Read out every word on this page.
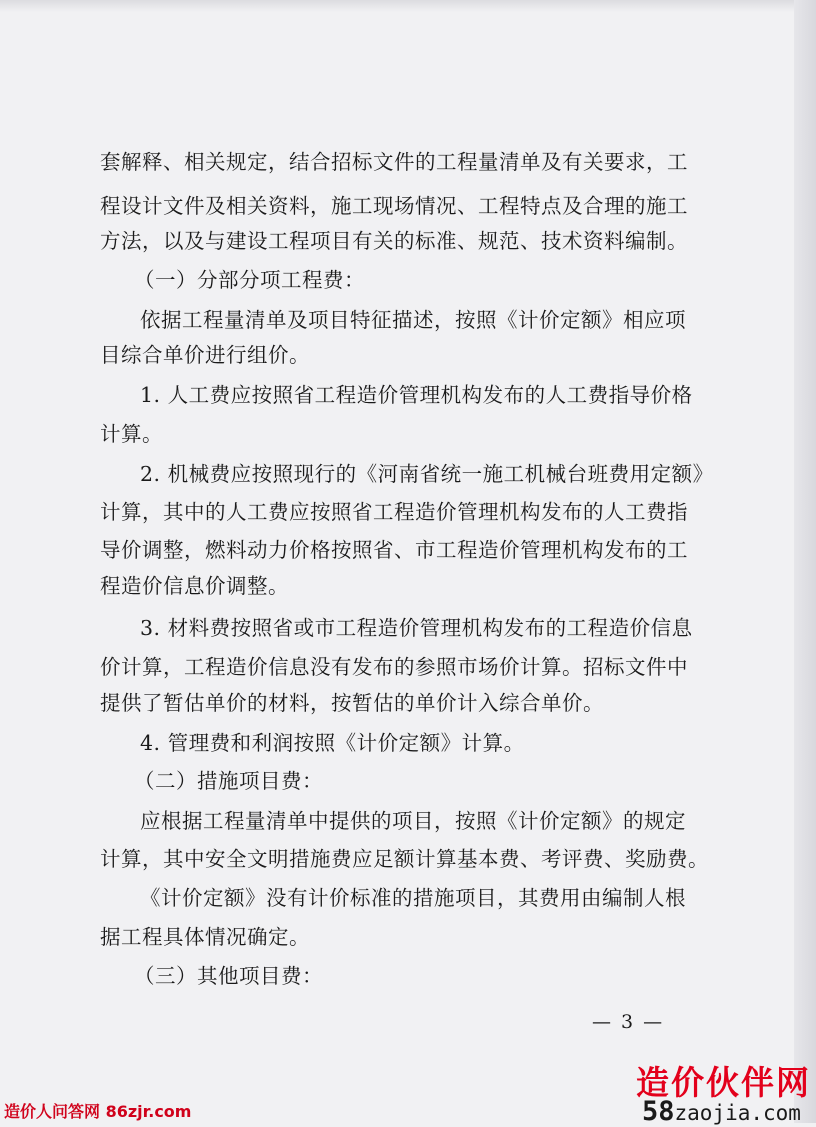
套解释、相关规定，结合招标文件的工程量清单及有关要求，工
程设计文件及相关资料，施工现场情况、工程特点及合理的施工
方法，以及与建设工程项目有关的标准、规范、技术资料编制。
（一）分部分项工程费：
依据工程量清单及项目特征描述，按照《计价定额》相应项
目综合单价进行组价。
1. 人工费应按照省工程造价管理机构发布的人工费指导价格
计算。
2. 机械费应按照现行的《河南省统一施工机械台班费用定额》
计算，其中的人工费应按照省工程造价管理机构发布的人工费指
导价调整，燃料动力价格按照省、市工程造价管理机构发布的工
程造价信息价调整。
3. 材料费按照省或市工程造价管理机构发布的工程造价信息
价计算，工程造价信息没有发布的参照市场价计算。招标文件中
提供了暂估单价的材料，按暂估的单价计入综合单价。
4. 管理费和利润按照《计价定额》计算。
（二）措施项目费：
应根据工程量清单中提供的项目，按照《计价定额》的规定
计算，其中安全文明措施费应足额计算基本费、考评费、奖励费。
《计价定额》没有计价标准的措施项目，其费用由编制人根
据工程具体情况确定。
（三）其他项目费：
— 3 —
造价人问答网 86zjr.com
造价伙伴网
58zaojia.com
